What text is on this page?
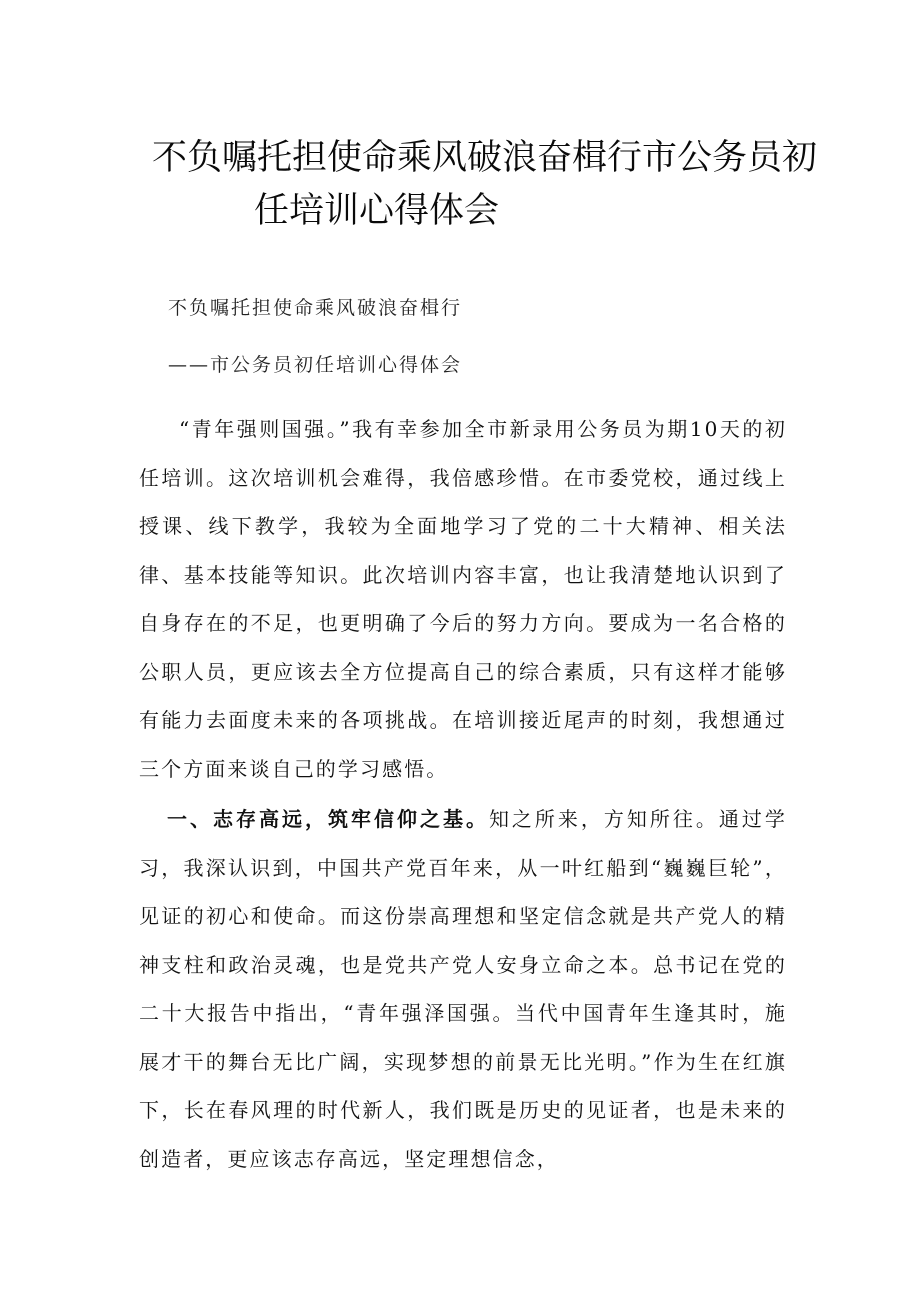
不负嘱托担使命乘风破浪奋楫行市公务员初
任培训心得体会
不负嘱托担使命乘风破浪奋楫行
——市公务员初任培训心得体会

“青年强则国强。”我有幸参加全市新录用公务员为期10天的初任培训。这次培训机会难得，我倍感珍惜。在市委党校，通过线上授课、线下教学，我较为全面地学习了党的二十大精神、相关法律、基本技能等知识。此次培训内容丰富，也让我清楚地认识到了自身存在的不足，也更明确了今后的努力方向。要成为一名合格的公职人员，更应该去全方位提高自己的综合素质，只有这样才能够有能力去面度未来的各项挑战。在培训接近尾声的时刻，我想通过三个方面来谈自己的学习感悟。

一、志存高远，筑牢信仰之基。知之所来，方知所往。通过学习，我深认识到，中国共产党百年来，从一叶红船到“巍巍巨轮”，见证的初心和使命。而这份崇高理想和坚定信念就是共产党人的精神支柱和政治灵魂，也是党共产党人安身立命之本。总书记在党的二十大报告中指出，“青年强泽国强。当代中国青年生逢其时，施展才干的舞台无比广阔，实现梦想的前景无比光明。”作为生在红旗下，长在春风理的时代新人，我们既是历史的见证者，也是未来的创造者，更应该志存高远，坚定理想信念，
